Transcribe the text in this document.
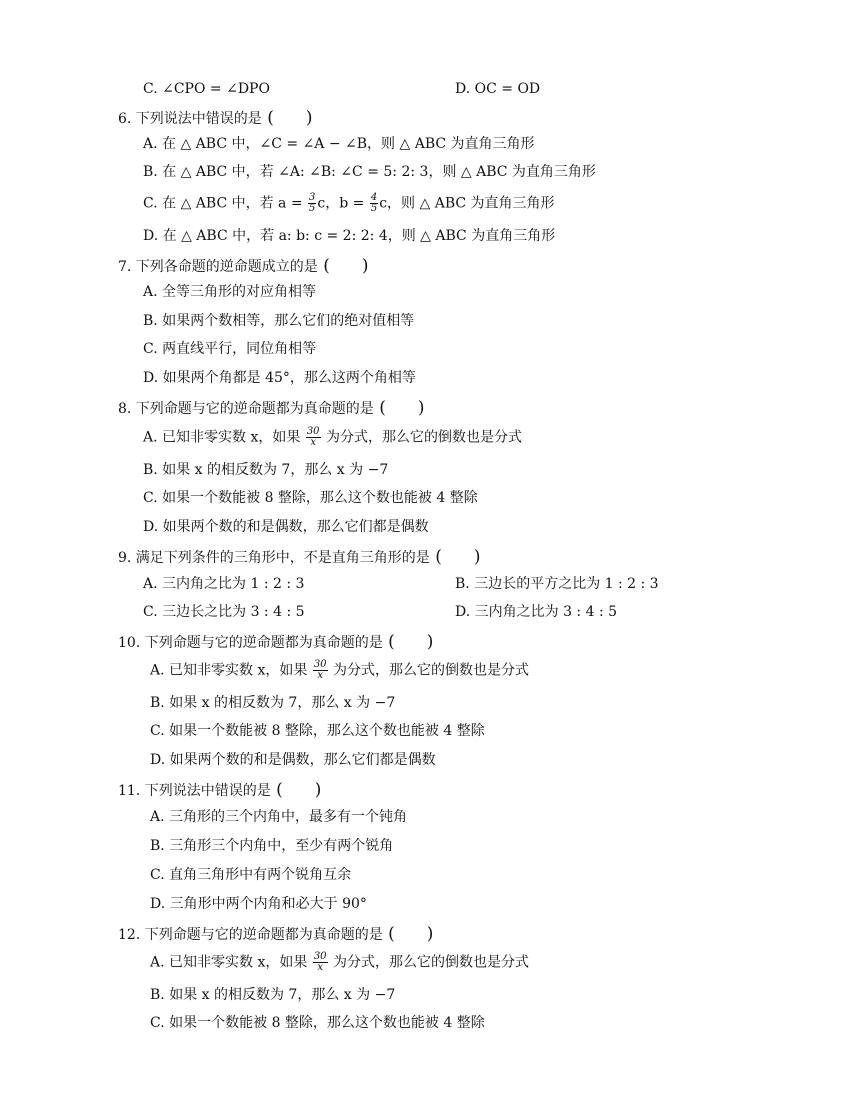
C. ∠CPO = ∠DPO	D. OC = OD
6. 下列说法中错误的是 ( )
A. 在 △ ABC 中，∠C = ∠A − ∠B，则 △ ABC 为直角三角形
B. 在 △ ABC 中，若 ∠A: ∠B: ∠C = 5: 2: 3，则 △ ABC 为直角三角形
C. 在 △ ABC 中，若 $a = \frac{3}{5}$ c，$b = \frac{4}{5}$ c，则 △ ABC 为直角三角形
D. 在 △ ABC 中，若 a: b: c = 2: 2: 4，则 △ ABC 为直角三角形
7. 下列各命题的逆命题成立的是 ( )
A. 全等三角形的对应角相等
B. 如果两个数相等，那么它们的绝对值相等
C. 两直线平行，同位角相等
D. 如果两个角都是 45°，那么这两个角相等
8. 下列命题与它的逆命题都为真命题的是 ( )
A. 已知非零实数 x，如果 $\frac{30}{x}$ 为分式，那么它的倒数也是分式
B. 如果 x 的相反数为 7，那么 x 为 −7
C. 如果一个数能被 8 整除，那么这个数也能被 4 整除
D. 如果两个数的和是偶数，那么它们都是偶数
9. 满足下列条件的三角形中，不是直角三角形的是 ( )
A. 三内角之比为 1 : 2 : 3	B. 三边长的平方之比为 1 : 2 : 3
C. 三边长之比为 3 : 4 : 5	D. 三内角之比为 3 : 4 : 5
10. 下列命题与它的逆命题都为真命题的是 ( )
A. 已知非零实数 x，如果 $\frac{30}{x}$ 为分式，那么它的倒数也是分式
B. 如果 x 的相反数为 7，那么 x 为 −7
C. 如果一个数能被 8 整除，那么这个数也能被 4 整除
D. 如果两个数的和是偶数，那么它们都是偶数
11. 下列说法中错误的是 ( )
A. 三角形的三个内角中，最多有一个钝角
B. 三角形三个内角中，至少有两个锐角
C. 直角三角形中有两个锐角互余
D. 三角形中两个内角和必大于 90°
12. 下列命题与它的逆命题都为真命题的是 ( )
A. 已知非零实数 x，如果 $\frac{30}{x}$ 为分式，那么它的倒数也是分式
B. 如果 x 的相反数为 7，那么 x 为 −7
C. 如果一个数能被 8 整除，那么这个数也能被 4 整除
